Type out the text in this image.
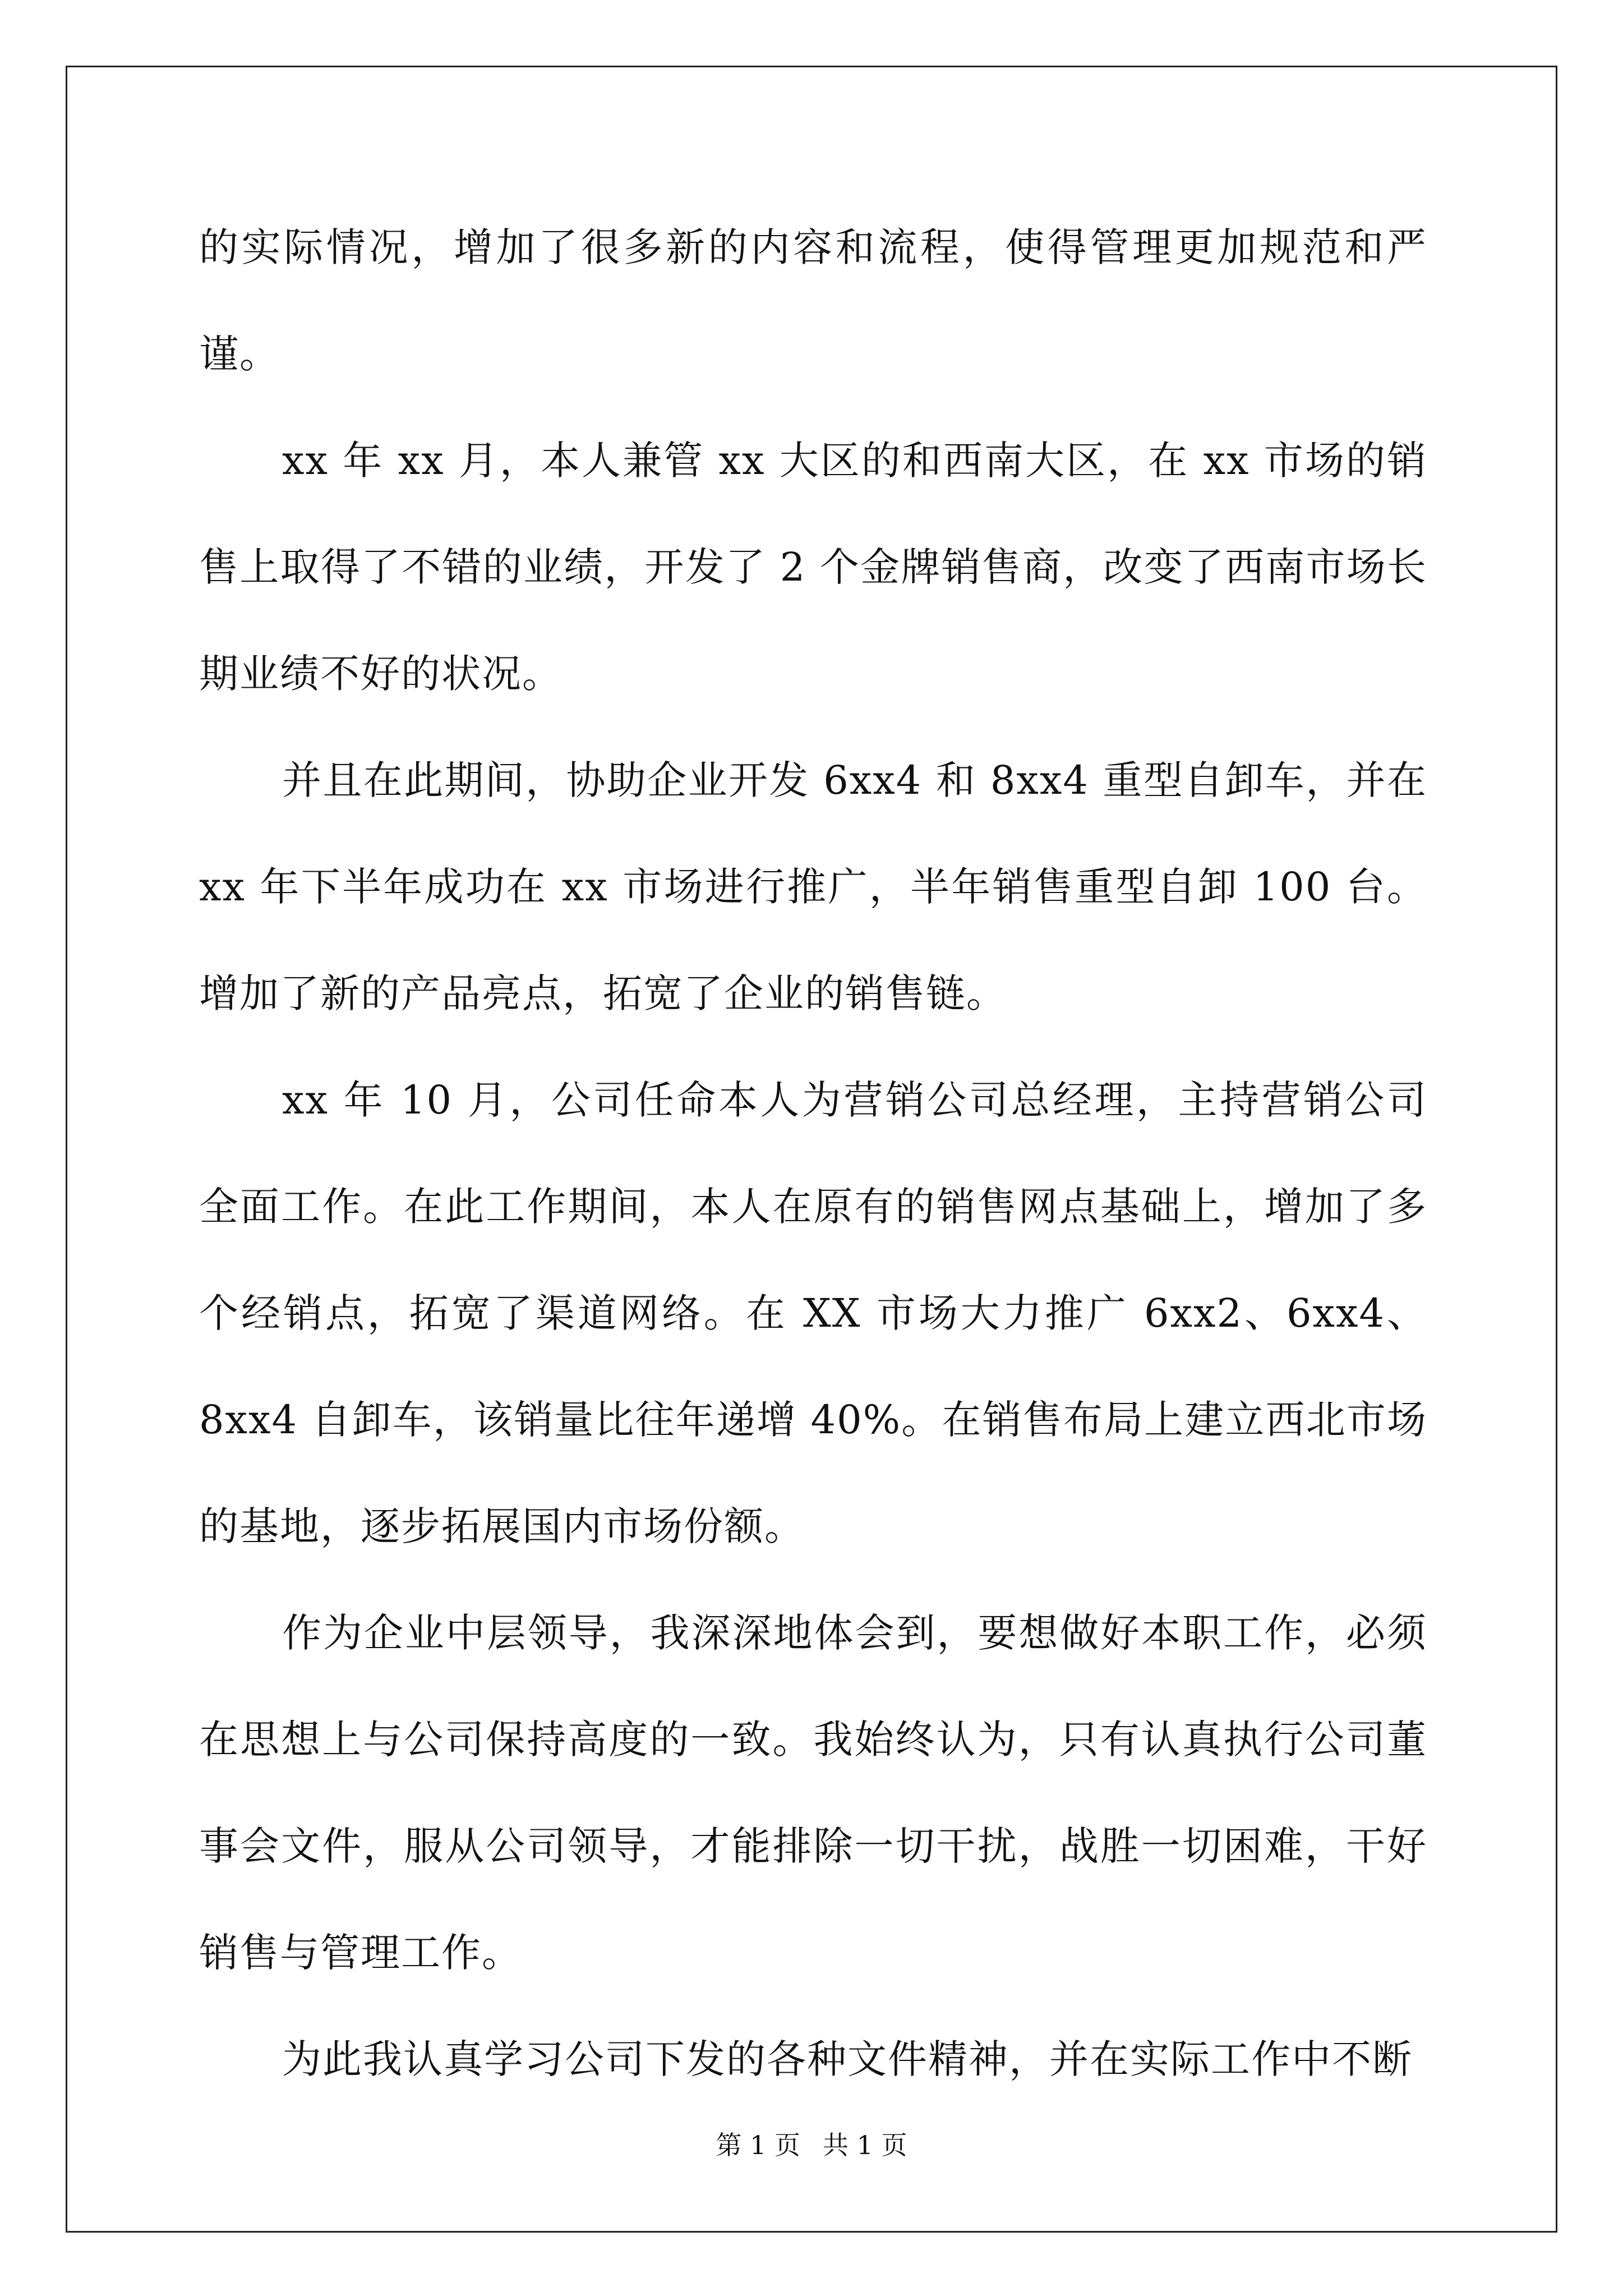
的实际情况，增加了很多新的内容和流程，使得管理更加规范和严谨。

xx 年 xx 月，本人兼管 xx 大区的和西南大区，在 xx 市场的销售上取得了不错的业绩，开发了 2 个金牌销售商，改变了西南市场长期业绩不好的状况。

并且在此期间，协助企业开发 6xx4 和 8xx4 重型自卸车，并在 xx 年下半年成功在 xx 市场进行推广，半年销售重型自卸 100 台。增加了新的产品亮点，拓宽了企业的销售链。

xx 年 10 月，公司任命本人为营销公司总经理，主持营销公司全面工作。在此工作期间，本人在原有的销售网点基础上，增加了多个经销点，拓宽了渠道网络。在 XX 市场大力推广 6xx2、6xx4、8xx4 自卸车，该销量比往年递增 40%。在销售布局上建立西北市场的基地，逐步拓展国内市场份额。

作为企业中层领导，我深深地体会到，要想做好本职工作，必须在思想上与公司保持高度的一致。我始终认为，只有认真执行公司董事会文件，服从公司领导，才能排除一切干扰，战胜一切困难，干好销售与管理工作。

为此我认真学习公司下发的各种文件精神，并在实际工作中不断

第 1 页 共 1 页
